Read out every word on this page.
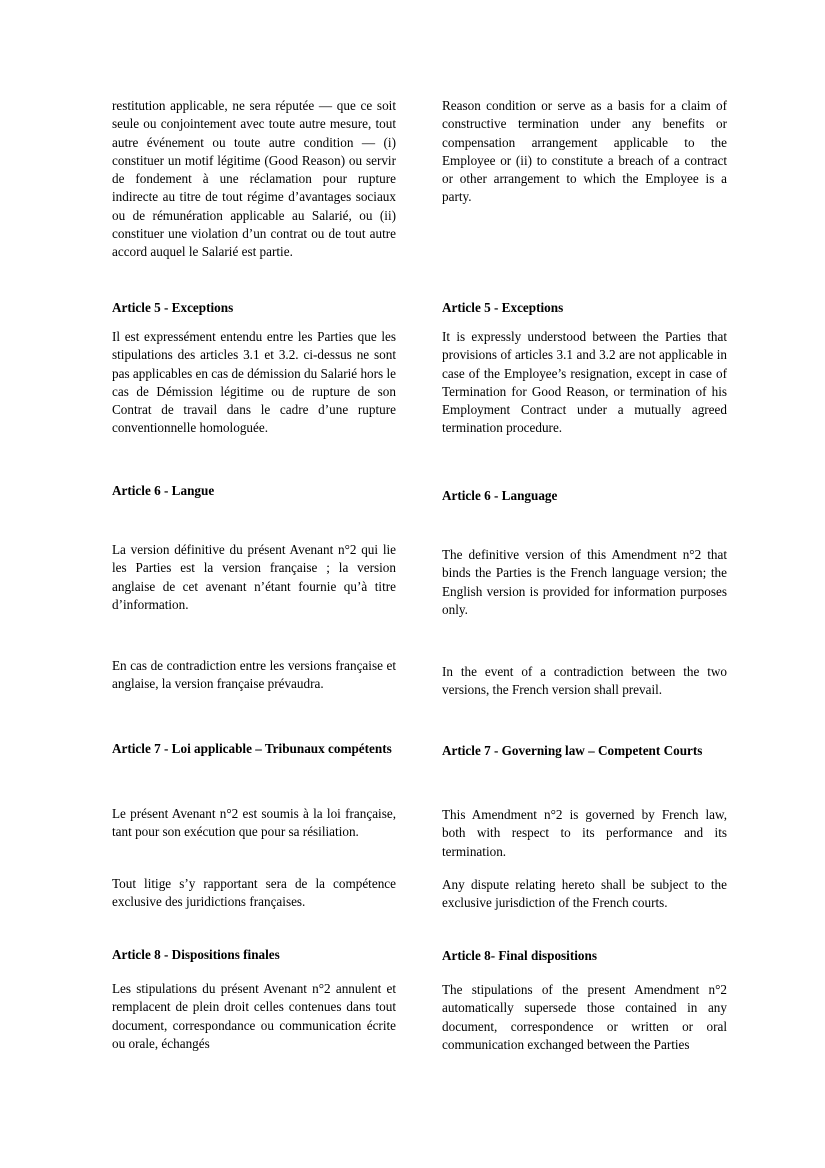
restitution applicable, ne sera réputée — que ce soit seule ou conjointement avec toute autre mesure, tout autre événement ou toute autre condition — (i) constituer un motif légitime (Good Reason) ou servir de fondement à une réclamation pour rupture indirecte au titre de tout régime d’avantages sociaux ou de rémunération applicable au Salarié, ou (ii) constituer une violation d’un contrat ou de tout autre accord auquel le Salarié est partie.

Article 5 - Exceptions

Il est expressément entendu entre les Parties que les stipulations des articles 3.1 et 3.2. ci-dessus ne sont pas applicables en cas de démission du Salarié hors le cas de Démission légitime ou de rupture de son Contrat de travail dans le cadre d’une rupture conventionnelle homologuée.

Article 6 - Langue

La version définitive du présent Avenant n°2 qui lie les Parties est la version française ; la version anglaise de cet avenant n’étant fournie qu’à titre d’information.

En cas de contradiction entre les versions française et anglaise, la version française prévaudra.

Article 7 - Loi applicable – Tribunaux compétents

Le présent Avenant n°2 est soumis à la loi française, tant pour son exécution que pour sa résiliation.

Tout litige s’y rapportant sera de la compétence exclusive des juridictions françaises.

Article 8 - Dispositions finales

Les stipulations du présent Avenant n°2 annulent et remplacent de plein droit celles contenues dans tout document, correspondance ou communication écrite ou orale, échangés

Reason condition or serve as a basis for a claim of constructive termination under any benefits or compensation arrangement applicable to the Employee or (ii) to constitute a breach of a contract or other arrangement to which the Employee is a party.

Article 5 - Exceptions

It is expressly understood between the Parties that provisions of articles 3.1 and 3.2 are not applicable in case of the Employee’s resignation, except in case of Termination for Good Reason, or termination of his Employment Contract under a mutually agreed termination procedure.

Article 6 - Language

The definitive version of this Amendment n°2 that binds the Parties is the French language version; the English version is provided for information purposes only.

In the event of a contradiction between the two versions, the French version shall prevail.

Article 7 - Governing law – Competent Courts

This Amendment n°2 is governed by French law, both with respect to its performance and its termination.

Any dispute relating hereto shall be subject to the exclusive jurisdiction of the French courts.

Article 8- Final dispositions

The stipulations of the present Amendment n°2 automatically supersede those contained in any document, correspondence or written or oral communication exchanged between the Parties
